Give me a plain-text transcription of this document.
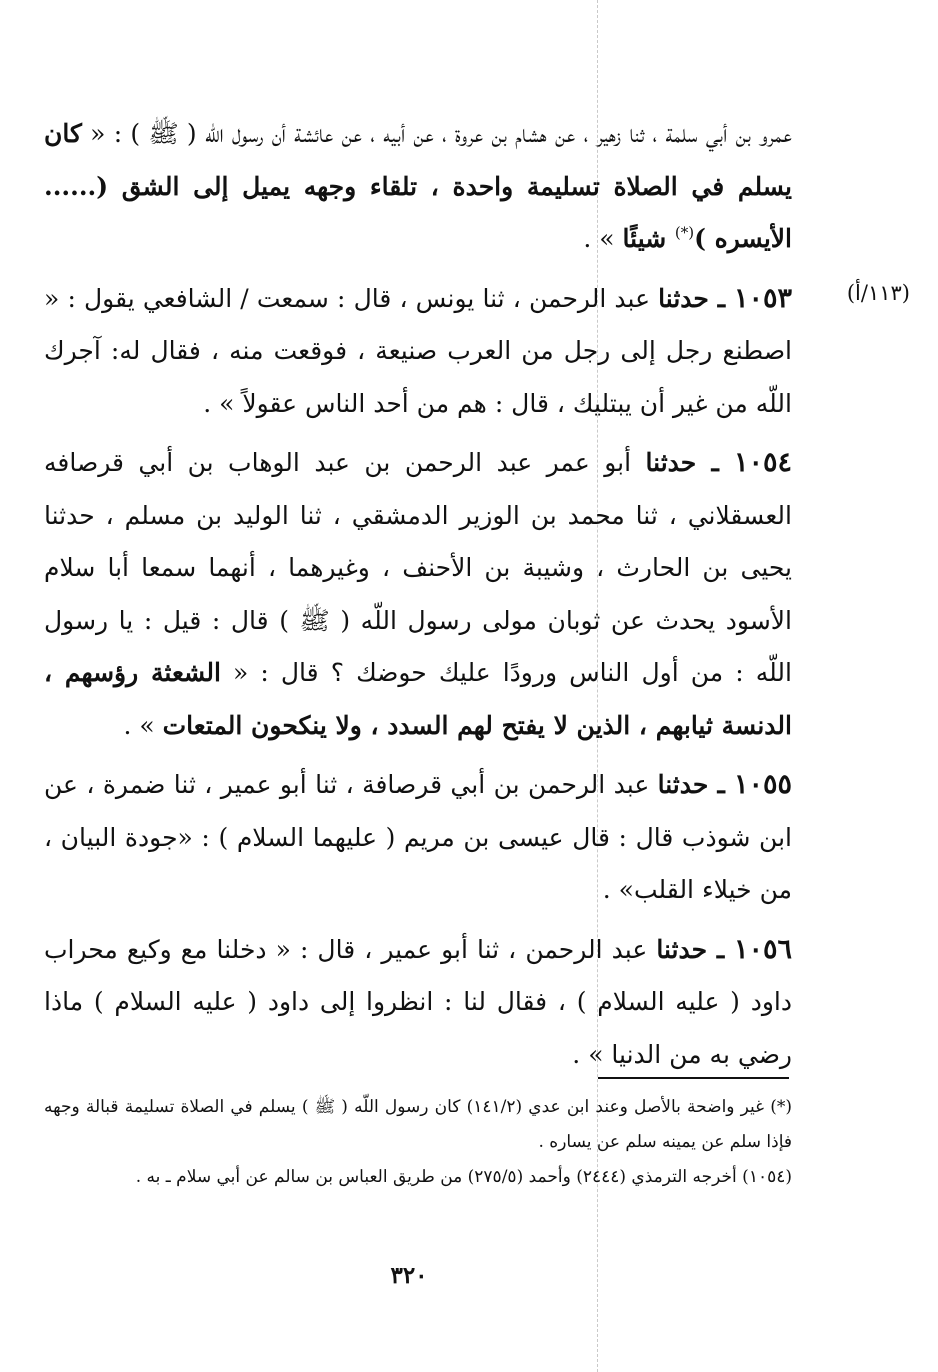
(١١٣/أ)

عمرو بن أبي سلمة ، ثنا زهير ، عن هشام بن عروة ، عن أبيه ، عن عائشة أن رسول اللّه ( ﷺ ) : « كان يسلم في الصلاة تسليمة واحدة ، تلقاء وجهه يميل إلى الشق (...... الأيسره )(*) شيئًا » .

١٠٥٣ ـ حدثنا عبد الرحمن ، ثنا يونس ، قال : سمعت / الشافعي يقول : « اصطنع رجل إلى رجل من العرب صنيعة ، فوقعت منه ، فقال له: آجرك اللّه من غير أن يبتليك ، قال : هم من أحد الناس عقولاً » .

١٠٥٤ ـ حدثنا أبو عمر عبد الرحمن بن عبد الوهاب بن أبي قرصافه العسقلاني ، ثنا محمد بن الوزير الدمشقي ، ثنا الوليد بن مسلم ، حدثنا يحيى بن الحارث ، وشيبة بن الأحنف ، وغيرهما ، أنهما سمعا أبا سلام الأسود يحدث عن ثوبان مولى رسول اللّه ( ﷺ ) قال : قيل : يا رسول اللّه : من أول الناس ورودًا عليك حوضك ؟ قال : « الشعثة رؤسهم ، الدنسة ثيابهم ، الذين لا يفتح لهم السدد ، ولا ينكحون المتعات » .

١٠٥٥ ـ حدثنا عبد الرحمن بن أبي قرصافة ، ثنا أبو عمير ، ثنا ضمرة ، عن ابن شوذب قال : قال عيسى بن مريم ( عليهما السلام ) : «جودة البيان ، من خيلاء القلب» .

١٠٥٦ ـ حدثنا عبد الرحمن ، ثنا أبو عمير ، قال : « دخلنا مع وكيع محراب داود ( عليه السلام ) ، فقال لنا : انظروا إلى داود ( عليه السلام ) ماذا رضي به من الدنيا » .

(*) غير واضحة بالأصل وعند ابن عدي (١٤١/٢) كان رسول اللّه ( ﷺ ) يسلم في الصلاة تسليمة قبالة وجهه فإذا سلم عن يمينه سلم عن يساره .

(١٠٥٤) أخرجه الترمذي (٢٤٤٤) وأحمد (٢٧٥/٥) من طريق العباس بن سالم عن أبي سلام ـ به .

٣٢٠
